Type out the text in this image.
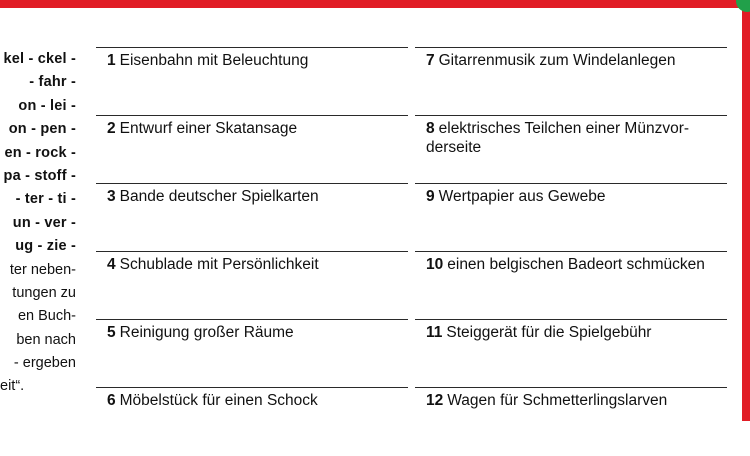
kel - ckel -
- fahr -
on - lei -
on - pen -
en - rock -
pa - stoff -
- ter - ti -
un - ver -
ug - zie -
ter neben-
tungen zu
en Buch-
ben nach
- ergeben
eit“.
1 Eisenbahn mit Beleuchtung
2 Entwurf einer Skatansage
3 Bande deutscher Spielkarten
4 Schublade mit Persönlichkeit
5 Reinigung großer Räume
6 Möbelstück für einen Schock
7 Gitarrenmusik zum Windelanlegen
8 elektrisches Teilchen einer Münzvor-derseite
9 Wertpapier aus Gewebe
10 einen belgischen Badeort schmücken
11 Steiggerät für die Spielgebühr
12 Wagen für Schmetterlingslarven
